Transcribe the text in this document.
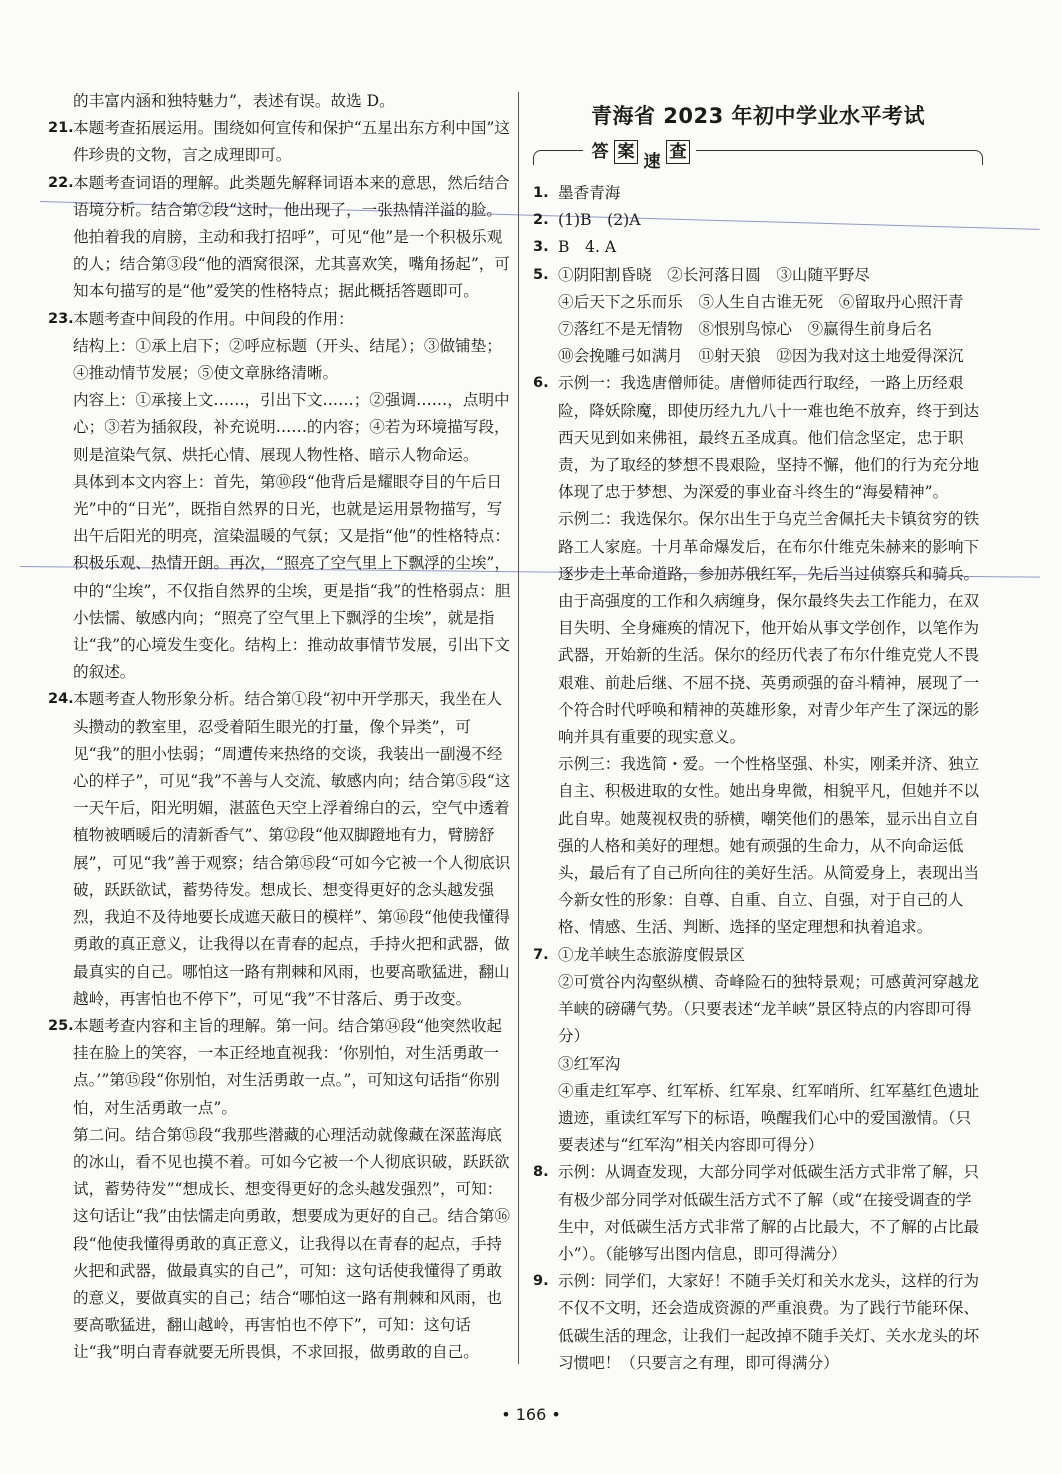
的丰富内涵和独特魅力”，表述有误。故选 D。
21. 本题考查拓展运用。围绕如何宣传和保护“五星出东方利中国”这件珍贵的文物，言之成理即可。
22. 本题考查词语的理解。此类题先解释词语本来的意思，然后结合语境分析。结合第②段“这时，他出现了，一张热情洋溢的脸。他拍着我的肩膀，主动和我打招呼”，可见“他”是一个积极乐观的人；结合第③段“他的酒窝很深，尤其喜欢笑，嘴角扬起”，可知本句描写的是“他”爱笑的性格特点；据此概括答题即可。
23. 本题考查中间段的作用。中间段的作用：
结构上：①承上启下；②呼应标题（开头、结尾）；③做铺垫；④推动情节发展；⑤使文章脉络清晰。
内容上：①承接上文……，引出下文……；②强调……，点明中心；③若为插叙段，补充说明……的内容；④若为环境描写段，则是渲染气氛、烘托心情、展现人物性格、暗示人物命运。
具体到本文内容上：首先，第⑩段“他背后是耀眼夺目的午后日光”中的“日光”，既指自然界的日光，也就是运用景物描写，写出午后阳光的明亮，渲染温暖的气氛；又是指“他”的性格特点：积极乐观、热情开朗。再次，“照亮了空气里上下飘浮的尘埃”，中的“尘埃”，不仅指自然界的尘埃，更是指“我”的性格弱点：胆小怯懦、敏感内向；“照亮了空气里上下飘浮的尘埃”，就是指让“我”的心境发生变化。结构上：推动故事情节发展，引出下文的叙述。
24. 本题考查人物形象分析。结合第①段“初中开学那天，我坐在人头攒动的教室里，忍受着陌生眼光的打量，像个异类”，可见“我”的胆小怯弱；“周遭传来热络的交谈，我装出一副漫不经心的样子”，可见“我”不善与人交流、敏感内向；结合第⑤段“这一天午后，阳光明媚，湛蓝色天空上浮着绵白的云，空气中透着植物被晒暖后的清新香气”、第⑫段“他双脚蹬地有力，臂膀舒展”，可见“我”善于观察；结合第⑮段“可如今它被一个人彻底识破，跃跃欲试，蓄势待发。想成长、想变得更好的念头越发强烈，我迫不及待地要长成遮天蔽日的模样”、第⑯段“他使我懂得勇敢的真正意义，让我得以在青春的起点，手持火把和武器，做最真实的自己。哪怕这一路有荆棘和风雨，也要高歌猛进，翻山越岭，再害怕也不停下”，可见“我”不甘落后、勇于改变。
25. 本题考查内容和主旨的理解。第一问。结合第⑭段“他突然收起挂在脸上的笑容，一本正经地直视我：‘你别怕，对生活勇敢一点。’”第⑮段“你别怕，对生活勇敢一点。”，可知这句话指“你别怕，对生活勇敢一点”。
第二问。结合第⑮段“我那些潜藏的心理活动就像藏在深蓝海底的冰山，看不见也摸不着。可如今它被一个人彻底识破，跃跃欲试，蓄势待发”“想成长、想变得更好的念头越发强烈”，可知：这句话让“我”由怯懦走向勇敢，想要成为更好的自己。结合第⑯段“他使我懂得勇敢的真正意义，让我得以在青春的起点，手持火把和武器，做最真实的自己”，可知：这句话使我懂得了勇敢的意义，要做真实的自己；结合“哪怕这一路有荆棘和风雨，也要高歌猛进，翻山越岭，再害怕也不停下”，可知：这句话让“我”明白青春就要无所畏惧，不求回报，做勇敢的自己。
青海省 2023 年初中学业水平考试
答 案 速 查
1. 墨香青海
2. (1)B　(2)A
3. B　4. A
5. ①阴阳割昏晓　②长河落日圆　③山随平野尽
④后天下之乐而乐　⑤人生自古谁无死　⑥留取丹心照汗青
⑦落红不是无情物　⑧恨别鸟惊心　⑨赢得生前身后名
⑩会挽雕弓如满月　⑪射天狼　⑫因为我对这土地爱得深沉
6. 示例一：我选唐僧师徒。唐僧师徒西行取经，一路上历经艰险，降妖除魔，即使历经九九八十一难也绝不放弃，终于到达西天见到如来佛祖，最终五圣成真。他们信念坚定，忠于职责，为了取经的梦想不畏艰险，坚持不懈，他们的行为充分地体现了忠于梦想、为深爱的事业奋斗终生的“海晏精神”。
示例二：我选保尔。保尔出生于乌克兰舍佩托夫卡镇贫穷的铁路工人家庭。十月革命爆发后，在布尔什维克朱赫来的影响下逐步走上革命道路，参加苏俄红军，先后当过侦察兵和骑兵。由于高强度的工作和久病缠身，保尔最终失去工作能力，在双目失明、全身瘫痪的情况下，他开始从事文学创作，以笔作为武器，开始新的生活。保尔的经历代表了布尔什维克党人不畏艰难、前赴后继、不屈不挠、英勇顽强的奋斗精神，展现了一个符合时代呼唤和精神的英雄形象，对青少年产生了深远的影响并具有重要的现实意义。
示例三：我选简・爱。一个性格坚强、朴实，刚柔并济、独立自主、积极进取的女性。她出身卑微，相貌平凡，但她并不以此自卑。她蔑视权贵的骄横，嘲笑他们的愚笨，显示出自立自强的人格和美好的理想。她有顽强的生命力，从不向命运低头，最后有了自己所向往的美好生活。从简爱身上，表现出当今新女性的形象：自尊、自重、自立、自强，对于自己的人格、情感、生活、判断、选择的坚定理想和执着追求。
7. ①龙羊峡生态旅游度假景区
②可赏谷内沟壑纵横、奇峰险石的独特景观；可感黄河穿越龙羊峡的磅礴气势。（只要表述“龙羊峡”景区特点的内容即可得分）
③红军沟
④重走红军亭、红军桥、红军泉、红军哨所、红军墓红色遗址遗迹，重读红军写下的标语，唤醒我们心中的爱国激情。（只要表述与“红军沟”相关内容即可得分）
8. 示例：从调查发现，大部分同学对低碳生活方式非常了解，只有极少部分同学对低碳生活方式不了解（或“在接受调查的学生中，对低碳生活方式非常了解的占比最大，不了解的占比最小”）。（能够写出图内信息，即可得满分）
9. 示例：同学们，大家好！不随手关灯和关水龙头，这样的行为不仅不文明，还会造成资源的严重浪费。为了践行节能环保、低碳生活的理念，让我们一起改掉不随手关灯、关水龙头的坏习惯吧！（只要言之有理，即可得满分）
• 166 •
